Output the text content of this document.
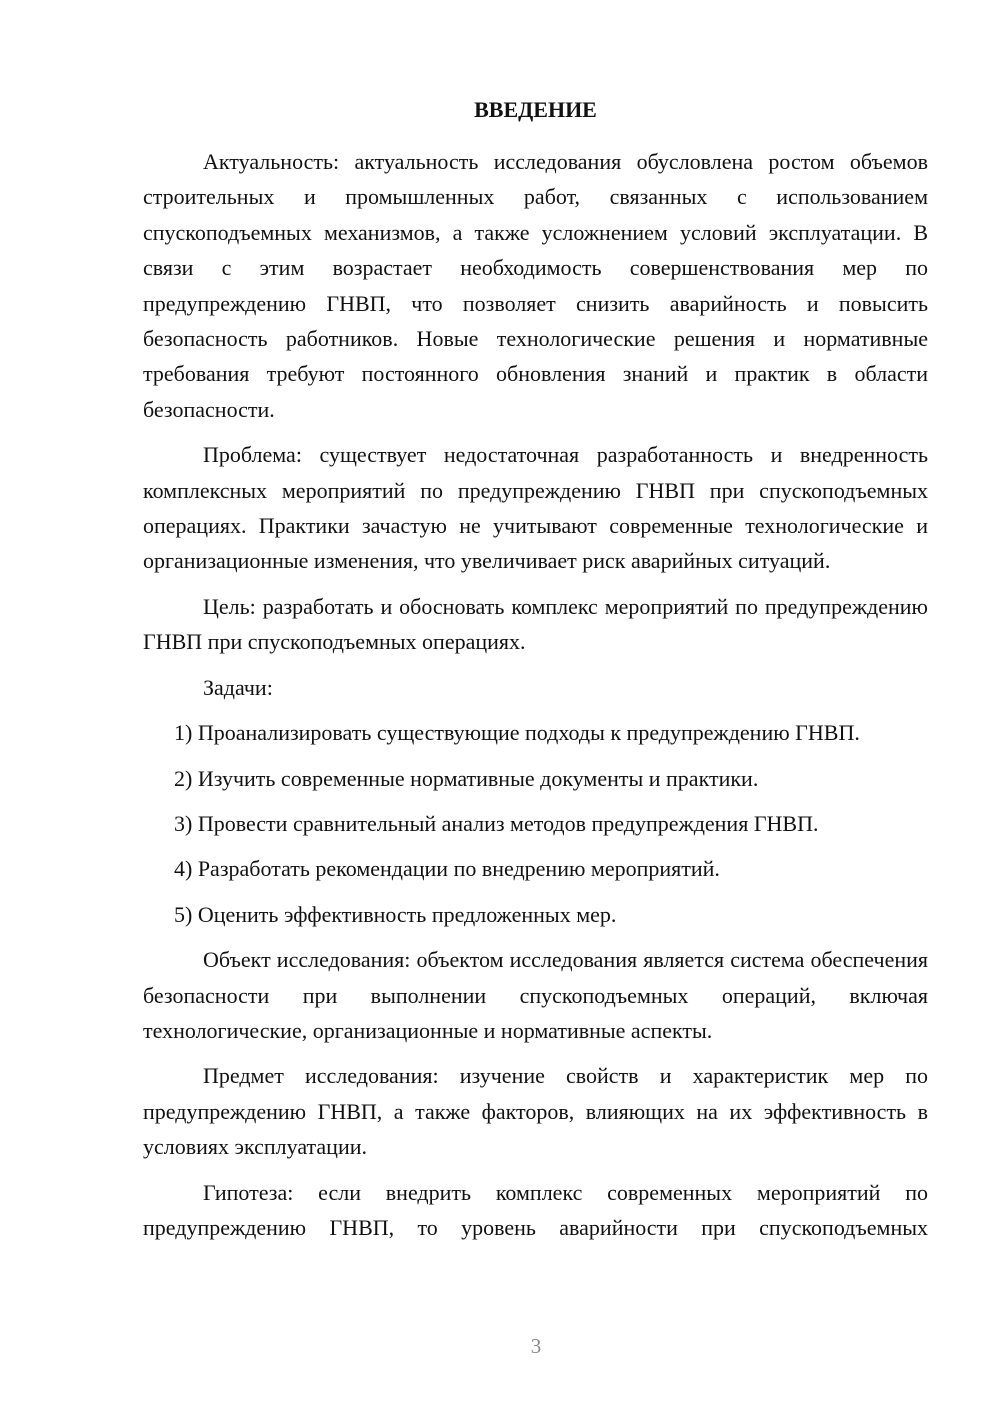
ВВЕДЕНИЕ

Актуальность: актуальность исследования обусловлена ростом объемов строительных и промышленных работ, связанных с использованием спускоподъемных механизмов, а также усложнением условий эксплуатации. В связи с этим возрастает необходимость совершенствования мер по предупреждению ГНВП, что позволяет снизить аварийность и повысить безопасность работников. Новые технологические решения и нормативные требования требуют постоянного обновления знаний и практик в области безопасности.

Проблема: существует недостаточная разработанность и внедренность комплексных мероприятий по предупреждению ГНВП при спускоподъемных операциях. Практики зачастую не учитывают современные технологические и организационные изменения, что увеличивает риск аварийных ситуаций.

Цель: разработать и обосновать комплекс мероприятий по предупреждению ГНВП при спускоподъемных операциях.

Задачи:

1) Проанализировать существующие подходы к предупреждению ГНВП.

2) Изучить современные нормативные документы и практики.

3) Провести сравнительный анализ методов предупреждения ГНВП.

4) Разработать рекомендации по внедрению мероприятий.

5) Оценить эффективность предложенных мер.

Объект исследования: объектом исследования является система обеспечения безопасности при выполнении спускоподъемных операций, включая технологические, организационные и нормативные аспекты.

Предмет исследования: изучение свойств и характеристик мер по предупреждению ГНВП, а также факторов, влияющих на их эффективность в условиях эксплуатации.

Гипотеза: если внедрить комплекс современных мероприятий по предупреждению ГНВП, то уровень аварийности при спускоподъемных

3
